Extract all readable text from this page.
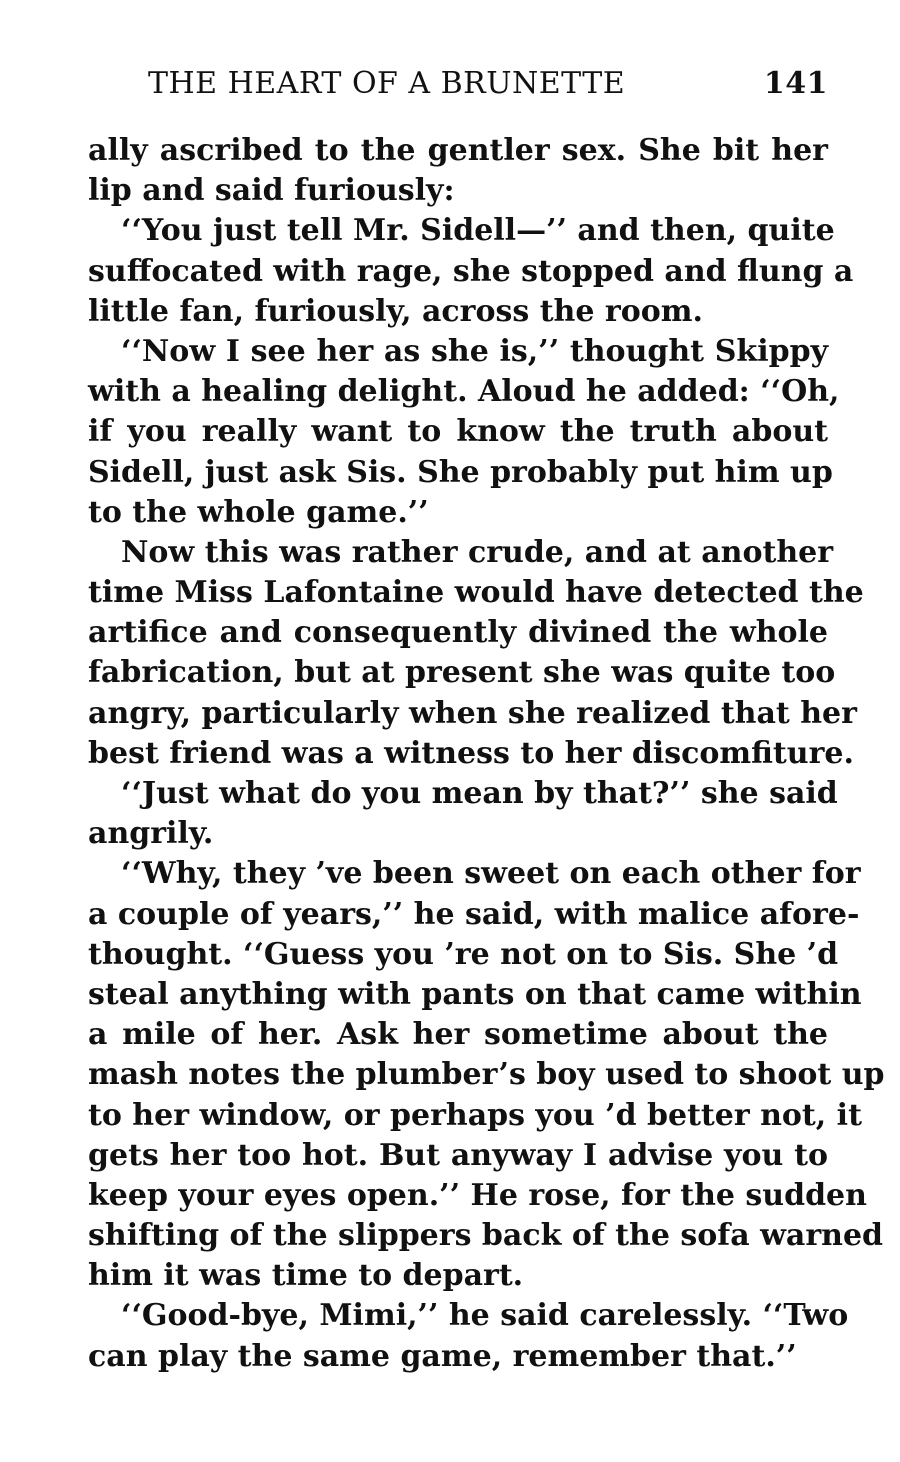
THE HEART OF A BRUNETTE	141
ally ascribed to the gentler sex. She bit her
lip and said furiously:
‘‘You just tell Mr. Sidell—’’ and then, quite
suffocated with rage, she stopped and flung a
little fan, furiously, across the room.
‘‘Now I see her as she is,’’ thought Skippy
with a healing delight. Aloud he added: ‘‘Oh,
if you really want to know the truth about
Sidell, just ask Sis. She probably put him up
to the whole game.’’
Now this was rather crude, and at another
time Miss Lafontaine would have detected the
artifice and consequently divined the whole
fabrication, but at present she was quite too
angry, particularly when she realized that her
best friend was a witness to her discomfiture.
‘‘Just what do you mean by that?’’ she said
angrily.
‘‘Why, they ’ve been sweet on each other for
a couple of years,’’ he said, with malice afore-
thought. ‘‘Guess you ’re not on to Sis. She ’d
steal anything with pants on that came within
a mile of her. Ask her sometime about the
mash notes the plumber’s boy used to shoot up
to her window, or perhaps you ’d better not, it
gets her too hot. But anyway I advise you to
keep your eyes open.’’ He rose, for the sudden
shifting of the slippers back of the sofa warned
him it was time to depart.
‘‘Good-bye, Mimi,’’ he said carelessly. ‘‘Two
can play the same game, remember that.’’
